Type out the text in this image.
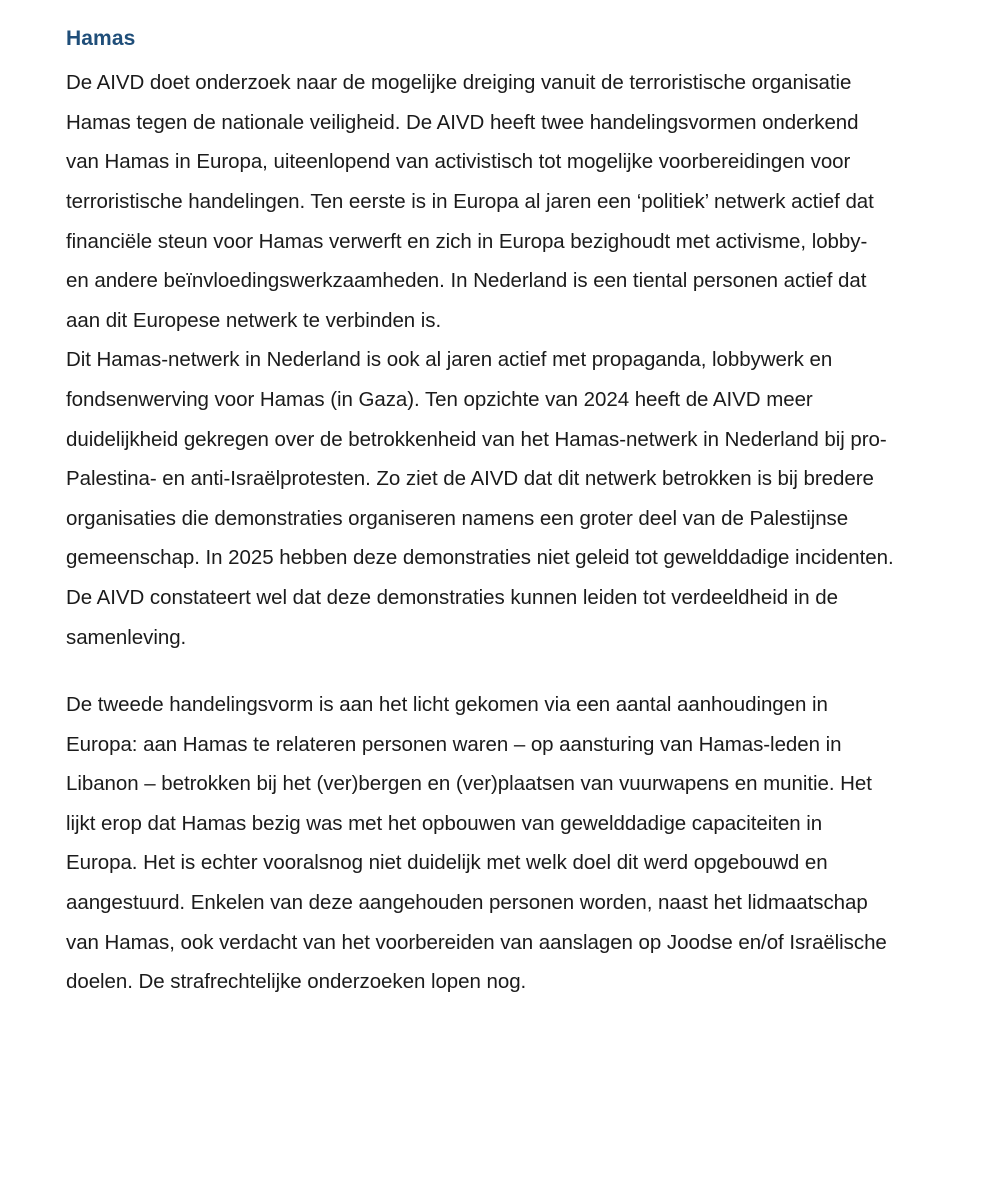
Hamas

De AIVD doet onderzoek naar de mogelijke dreiging vanuit de terroristische organisatie Hamas tegen de nationale veiligheid. De AIVD heeft twee handelingsvormen onderkend van Hamas in Europa, uiteenlopend van activistisch tot mogelijke voorbereidingen voor terroristische handelingen. Ten eerste is in Europa al jaren een ‘politiek’ netwerk actief dat financiële steun voor Hamas verwerft en zich in Europa bezighoudt met activisme, lobby- en andere beïnvloedingswerkzaamheden. In Nederland is een tiental personen actief dat aan dit Europese netwerk te verbinden is.

Dit Hamas-netwerk in Nederland is ook al jaren actief met propaganda, lobbywerk en fondsenwerving voor Hamas (in Gaza). Ten opzichte van 2024 heeft de AIVD meer duidelijkheid gekregen over de betrokkenheid van het Hamas-netwerk in Nederland bij pro-Palestina- en anti-Israëlprotesten. Zo ziet de AIVD dat dit netwerk betrokken is bij bredere organisaties die demonstraties organiseren namens een groter deel van de Palestijnse gemeenschap. In 2025 hebben deze demonstraties niet geleid tot gewelddadige incidenten. De AIVD constateert wel dat deze demonstraties kunnen leiden tot verdeeldheid in de samenleving.

De tweede handelingsvorm is aan het licht gekomen via een aantal aanhoudingen in Europa: aan Hamas te relateren personen waren – op aansturing van Hamas-leden in Libanon – betrokken bij het (ver)bergen en (ver)plaatsen van vuurwapens en munitie. Het lijkt erop dat Hamas bezig was met het opbouwen van gewelddadige capaciteiten in Europa. Het is echter vooralsnog niet duidelijk met welk doel dit werd opgebouwd en aangestuurd. Enkelen van deze aangehouden personen worden, naast het lidmaatschap van Hamas, ook verdacht van het voorbereiden van aanslagen op Joodse en/of Israëlische doelen. De strafrechtelijke onderzoeken lopen nog.
